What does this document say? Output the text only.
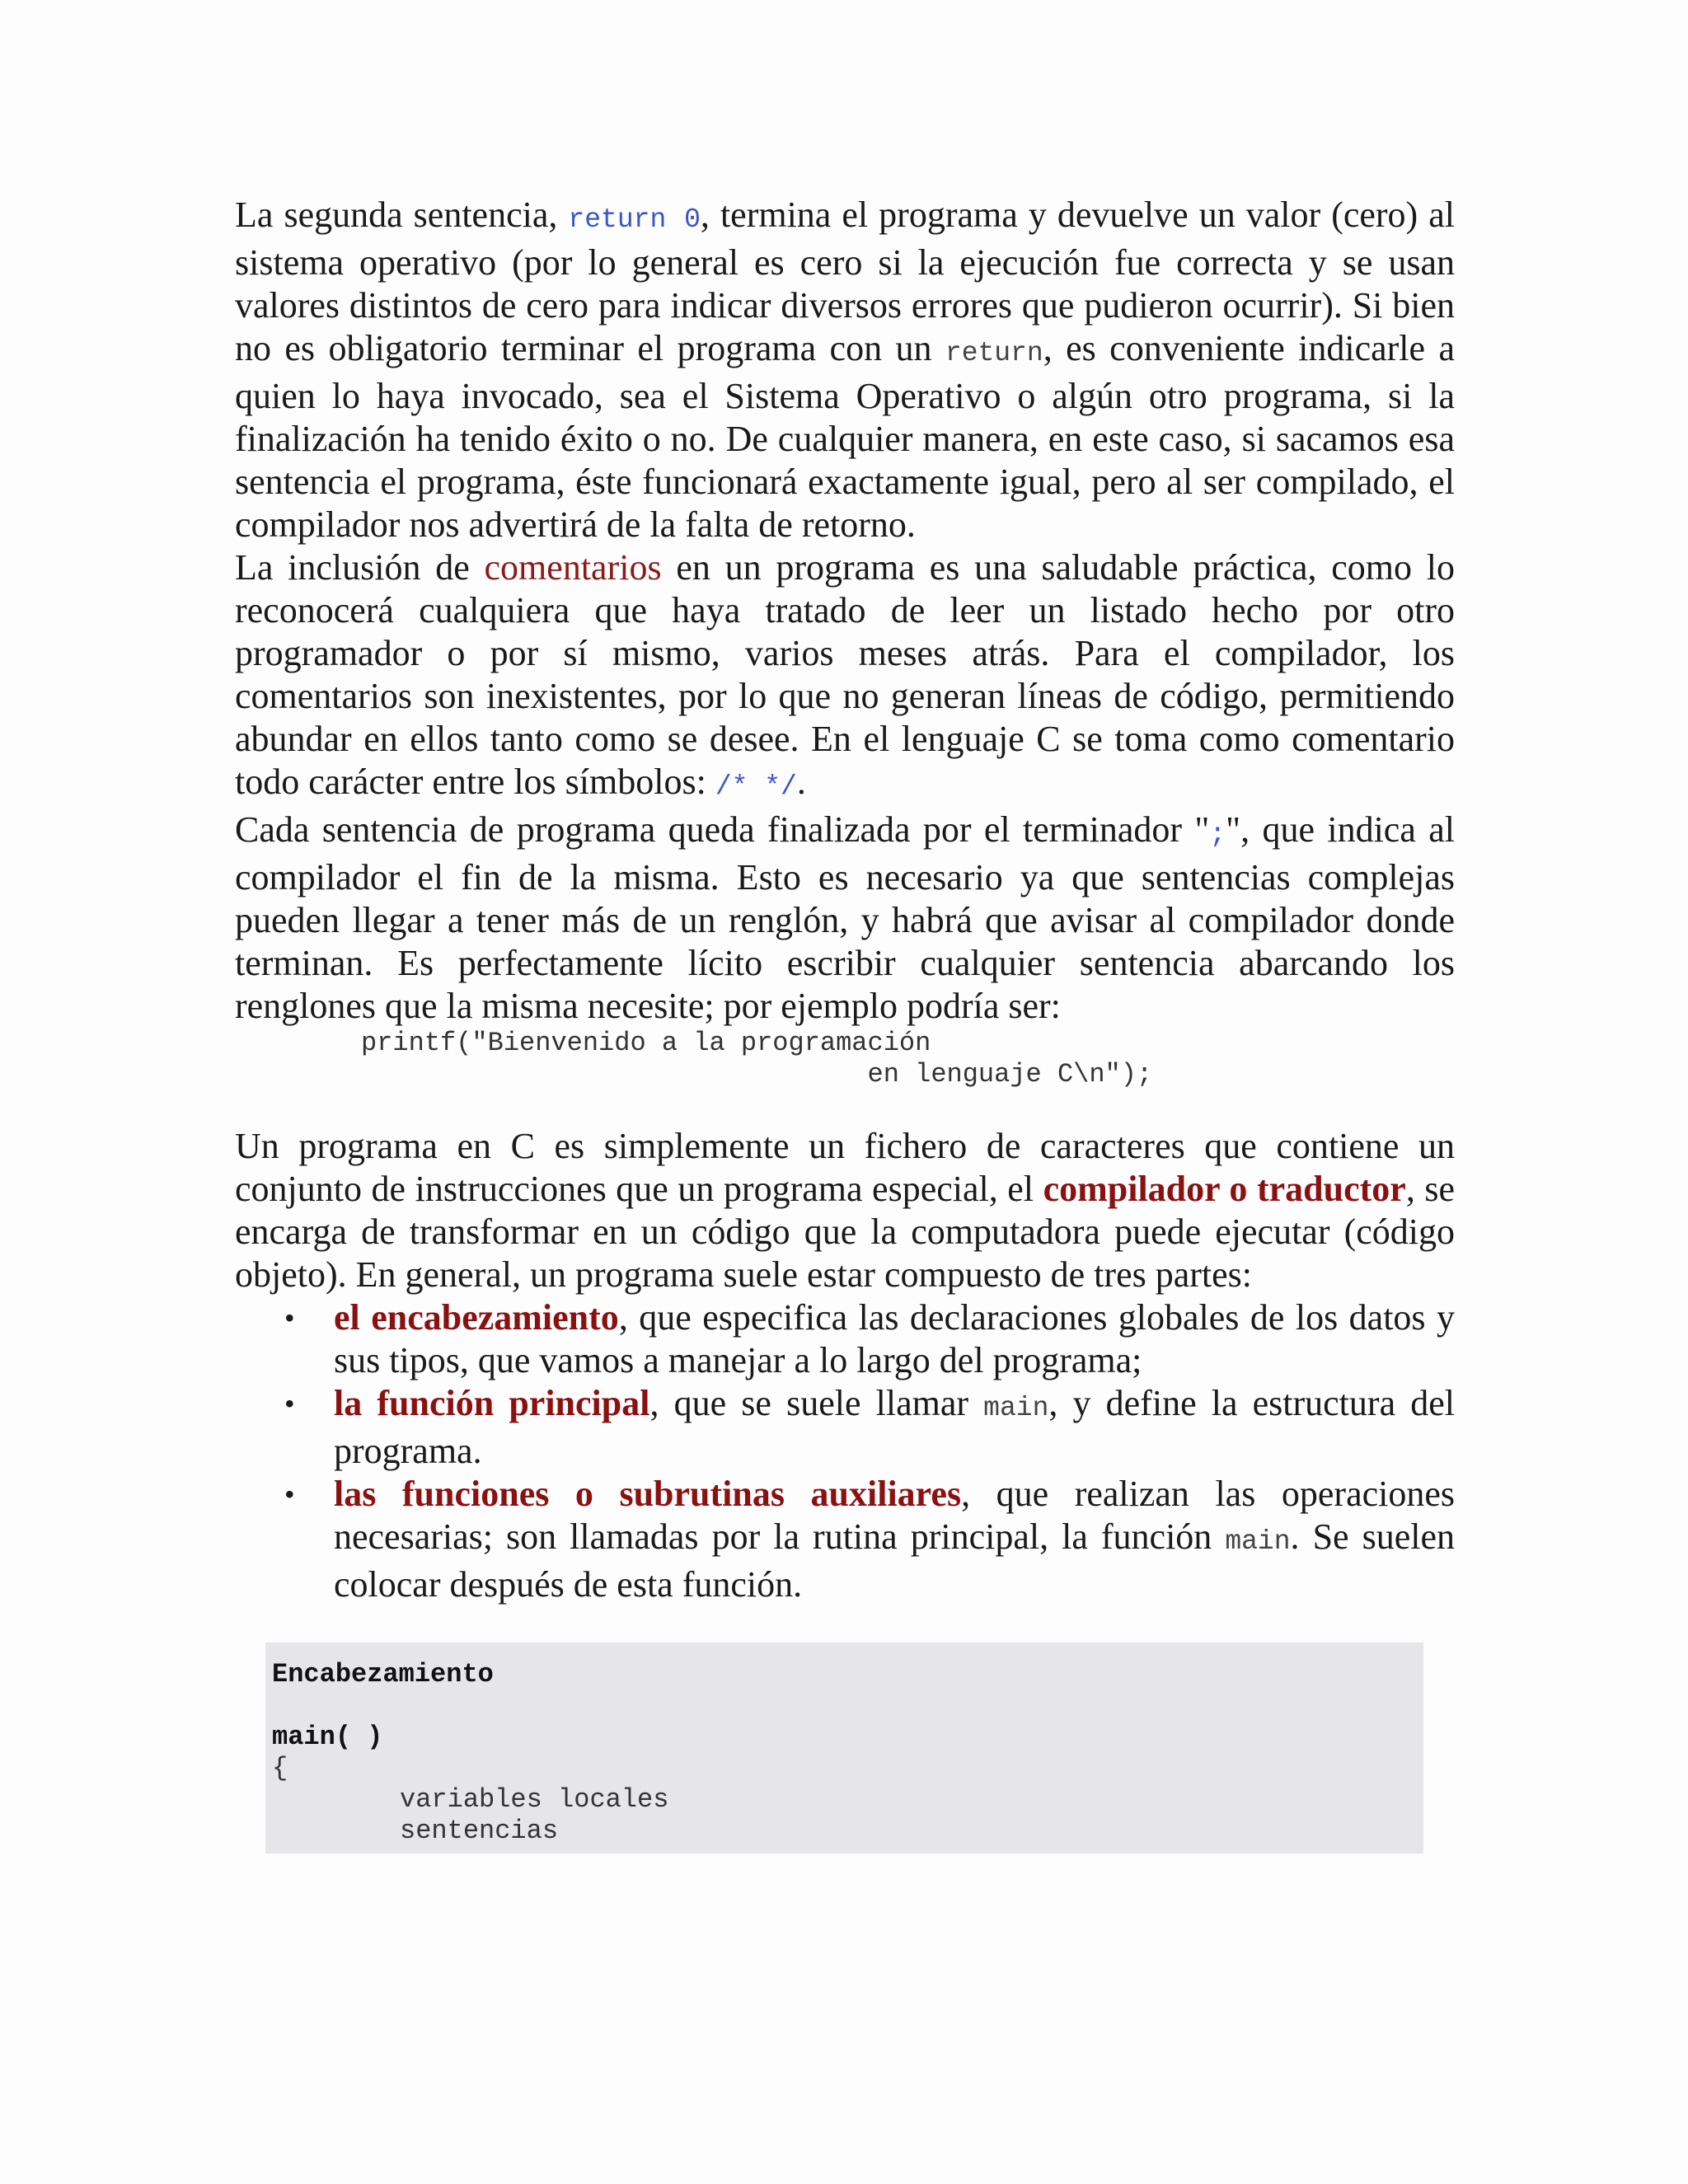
La segunda sentencia, return 0, termina el programa y devuelve un valor (cero) al sistema operativo (por lo general es cero si la ejecución fue correcta y se usan valores distintos de cero para indicar diversos errores que pudieron ocurrir). Si bien no es obligatorio terminar el programa con un return, es conveniente indicarle a quien lo haya invocado, sea el Sistema Operativo o algún otro programa, si la finalización ha tenido éxito o no. De cualquier manera, en este caso, si sacamos esa sentencia el programa, éste funcionará exactamente igual, pero al ser compilado, el compilador nos advertirá de la falta de retorno.

La inclusión de comentarios en un programa es una saludable práctica, como lo reconocerá cualquiera que haya tratado de leer un listado hecho por otro programador o por sí mismo, varios meses atrás. Para el compilador, los comentarios son inexistentes, por lo que no generan líneas de código, permitiendo abundar en ellos tanto como se desee. En el lenguaje C se toma como comentario todo carácter entre los símbolos: /* */.

Cada sentencia de programa queda finalizada por el terminador ";", que indica al compilador el fin de la misma. Esto es necesario ya que sentencias complejas pueden llegar a tener más de un renglón, y habrá que avisar al compilador donde terminan. Es perfectamente lícito escribir cualquier sentencia abarcando los renglones que la misma necesite; por ejemplo podría ser:

printf("Bienvenido a la programación
en lenguaje C\n");

Un programa en C es simplemente un fichero de caracteres que contiene un conjunto de instrucciones que un programa especial, el compilador o traductor, se encarga de transformar en un código que la computadora puede ejecutar (código objeto). En general, un programa suele estar compuesto de tres partes:

• el encabezamiento, que especifica las declaraciones globales de los datos y sus tipos, que vamos a manejar a lo largo del programa;
• la función principal, que se suele llamar main, y define la estructura del programa.
• las funciones o subrutinas auxiliares, que realizan las operaciones necesarias; son llamadas por la rutina principal, la función main. Se suelen colocar después de esta función.
Encabezamiento

main( )
{
variables locales
sentencias
